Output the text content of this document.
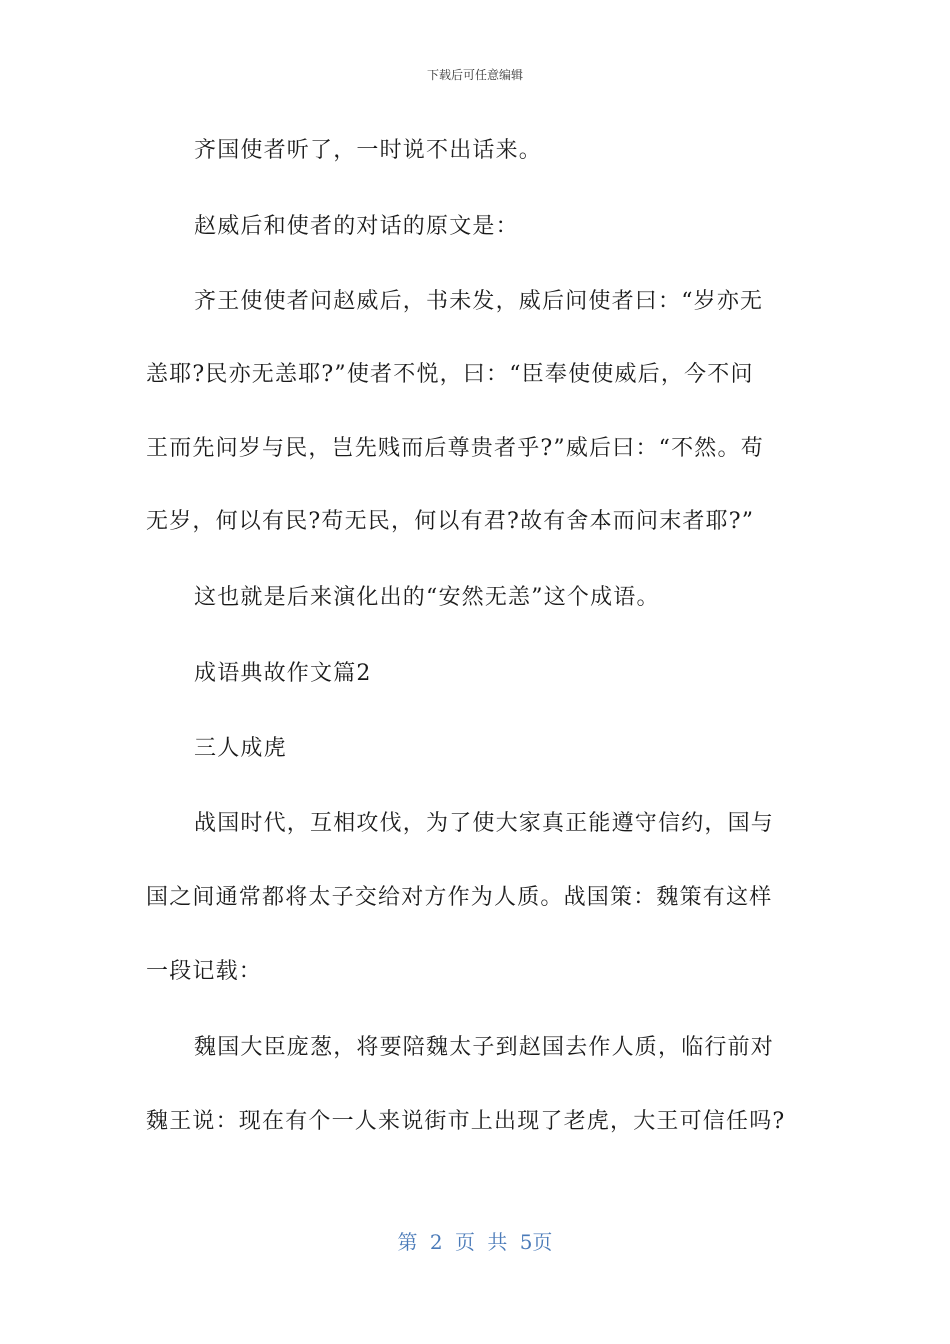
下载后可任意编辑
齐国使者听了，一时说不出话来。
赵威后和使者的对话的原文是：
齐王使使者问赵威后，书未发，威后问使者曰：“岁亦无
恙耶?民亦无恙耶?”使者不悦，曰：“臣奉使使威后，今不问
王而先问岁与民，岂先贱而后尊贵者乎?”威后曰：“不然。苟
无岁，何以有民?苟无民，何以有君?故有舍本而问末者耶?”
这也就是后来演化出的“安然无恙”这个成语。
成语典故作文篇2
三人成虎
战国时代，互相攻伐，为了使大家真正能遵守信约，国与
国之间通常都将太子交给对方作为人质。战国策：魏策有这样
一段记载：
魏国大臣庞葱，将要陪魏太子到赵国去作人质，临行前对
魏王说：现在有个一人来说街市上出现了老虎，大王可信任吗?
第 2 页 共 5页
